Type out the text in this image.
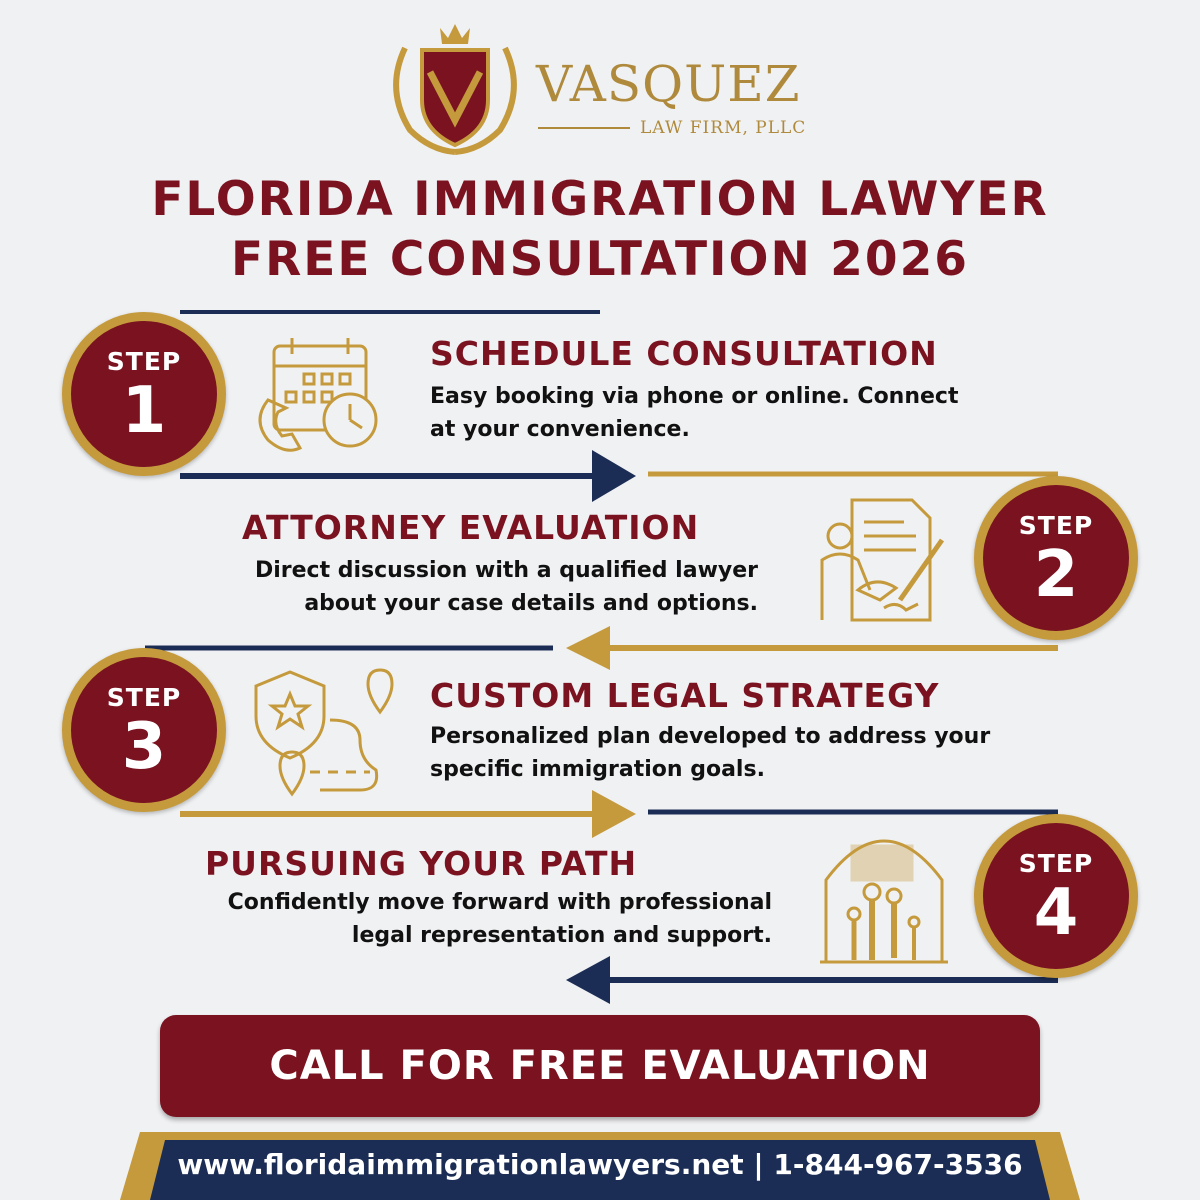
VASQUEZ
LAW FIRM, PLLC
FLORIDA IMMIGRATION LAWYER
FREE CONSULTATION 2026
STEP
1
SCHEDULE CONSULTATION
Easy booking via phone or online. Connect at your convenience.
STEP
2
ATTORNEY EVALUATION
Direct discussion with a qualified lawyer about your case details and options.
STEP
3
CUSTOM LEGAL STRATEGY
Personalized plan developed to address your specific immigration goals.
STEP
4
PURSUING YOUR PATH
Confidently move forward with professional legal representation and support.
CALL FOR FREE EVALUATION
www.floridaimmigrationlawyers.net | 1-844-967-3536
